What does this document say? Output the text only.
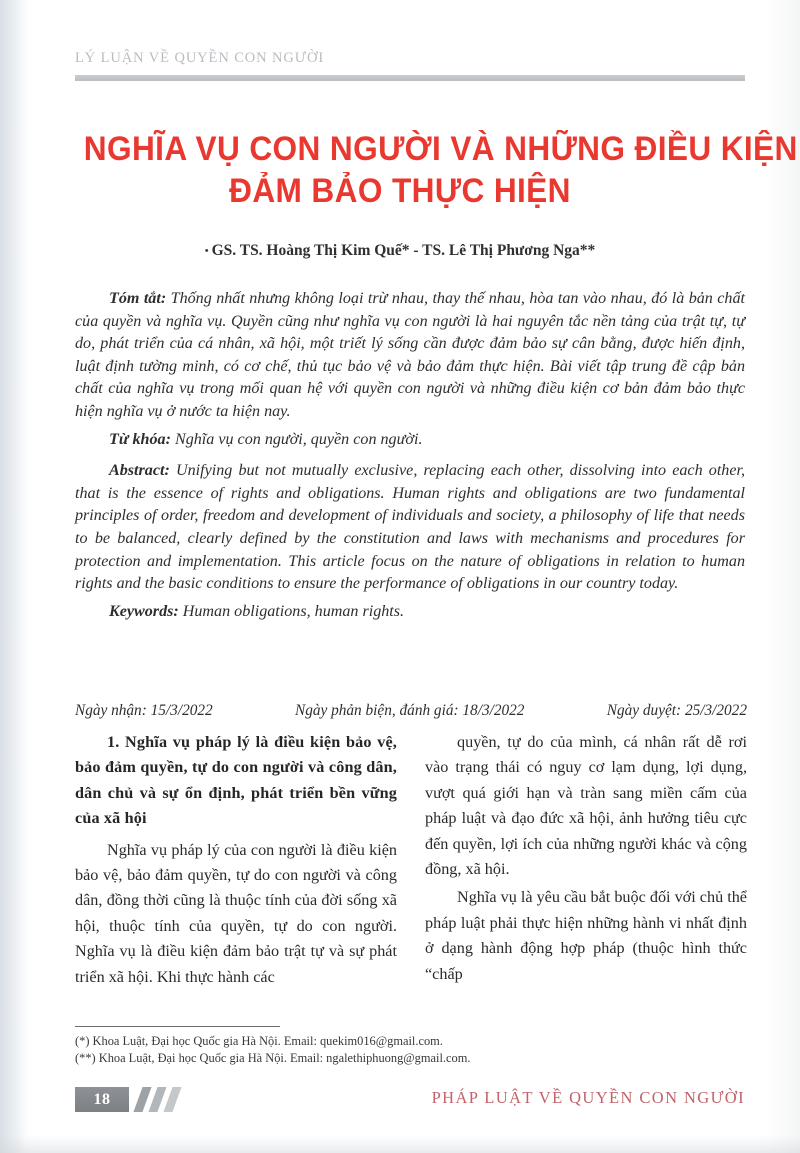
LÝ LUẬN VỀ QUYỀN CON NGƯỜI
NGHĨA VỤ CON NGƯỜI VÀ NHỮNG ĐIỀU KIỆN
ĐẢM BẢO THỰC HIỆN
• GS. TS. Hoàng Thị Kim Quế* - TS. Lê Thị Phương Nga**

Tóm tắt: Thống nhất nhưng không loại trừ nhau, thay thế nhau, hòa tan vào nhau, đó là bản chất của quyền và nghĩa vụ. Quyền cũng như nghĩa vụ con người là hai nguyên tắc nền tảng của trật tự, tự do, phát triển của cá nhân, xã hội, một triết lý sống cần được đảm bảo sự cân bằng, được hiến định, luật định tường minh, có cơ chế, thủ tục bảo vệ và bảo đảm thực hiện. Bài viết tập trung đề cập bản chất của nghĩa vụ trong mối quan hệ với quyền con người và những điều kiện cơ bản đảm bảo thực hiện nghĩa vụ ở nước ta hiện nay.

Từ khóa: Nghĩa vụ con người, quyền con người.

Abstract: Unifying but not mutually exclusive, replacing each other, dissolving into each other, that is the essence of rights and obligations. Human rights and obligations are two fundamental principles of order, freedom and development of individuals and society, a philosophy of life that needs to be balanced, clearly defined by the constitution and laws with mechanisms and procedures for protection and implementation. This article focus on the nature of obligations in relation to human rights and the basic conditions to ensure the performance of obligations in our country today.

Keywords: Human obligations, human rights.

Ngày nhận: 15/3/2022	Ngày phản biện, đánh giá: 18/3/2022	Ngày duyệt: 25/3/2022

1. Nghĩa vụ pháp lý là điều kiện bảo vệ, bảo đảm quyền, tự do con người và công dân, dân chủ và sự ổn định, phát triển bền vững của xã hội

Nghĩa vụ pháp lý của con người là điều kiện bảo vệ, bảo đảm quyền, tự do con người và công dân, đồng thời cũng là thuộc tính của đời sống xã hội, thuộc tính của quyền, tự do con người. Nghĩa vụ là điều kiện đảm bảo trật tự và sự phát triển xã hội. Khi thực hành các

quyền, tự do của mình, cá nhân rất dễ rơi vào trạng thái có nguy cơ lạm dụng, lợi dụng, vượt quá giới hạn và tràn sang miền cấm của pháp luật và đạo đức xã hội, ảnh hưởng tiêu cực đến quyền, lợi ích của những người khác và cộng đồng, xã hội.

Nghĩa vụ là yêu cầu bắt buộc đối với chủ thể pháp luật phải thực hiện những hành vi nhất định ở dạng hành động hợp pháp (thuộc hình thức “chấp

(*) Khoa Luật, Đại học Quốc gia Hà Nội. Email: quekim016@gmail.com.
(**) Khoa Luật, Đại học Quốc gia Hà Nội. Email: ngalethiphuong@gmail.com.
18	PHÁP LUẬT VỀ QUYỀN CON NGƯỜI
